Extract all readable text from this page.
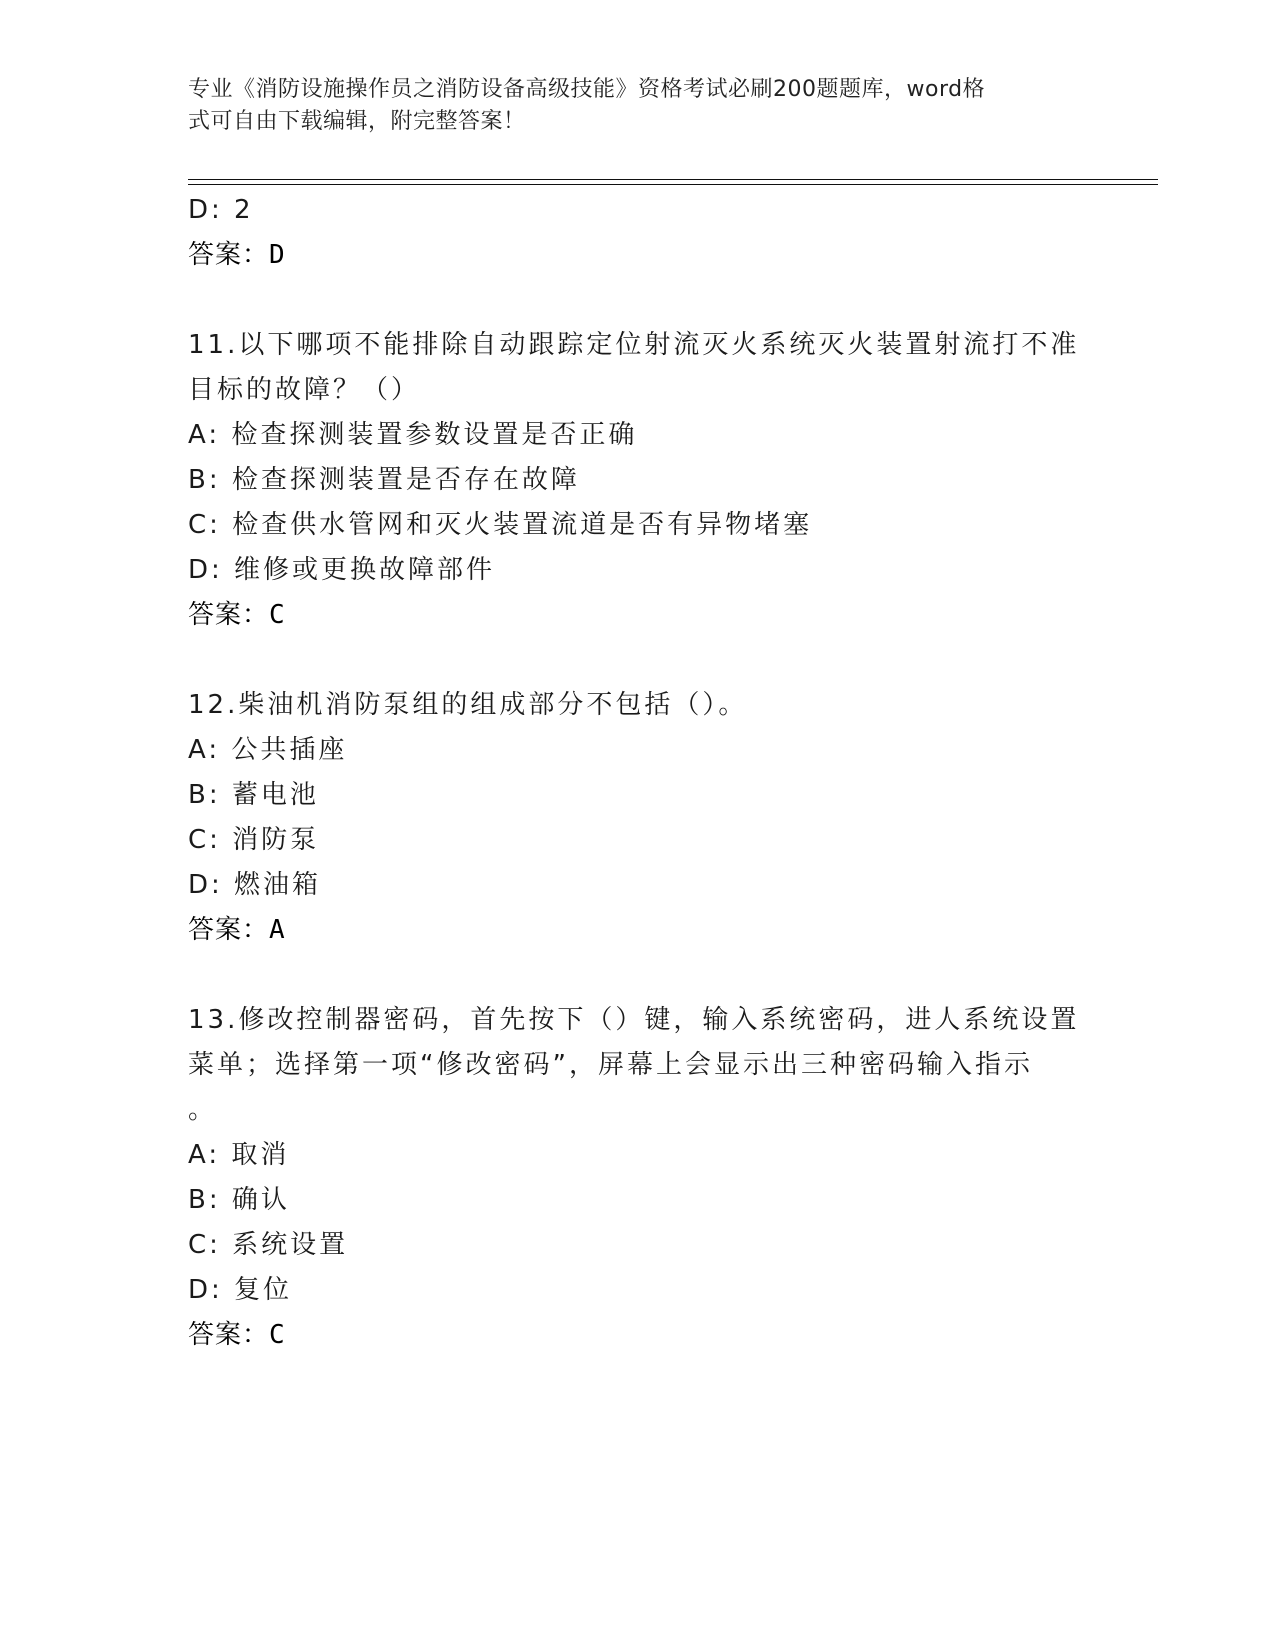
专业《消防设施操作员之消防设备高级技能》资格考试必刷200题题库，word格
式可自由下载编辑，附完整答案！
D: 2
答案：D
11.以下哪项不能排除自动跟踪定位射流灭火系统灭火装置射流打不准
目标的故障？（）
A: 检查探测装置参数设置是否正确
B: 检查探测装置是否存在故障
C: 检查供水管网和灭火装置流道是否有异物堵塞
D: 维修或更换故障部件
答案：C
12.柴油机消防泵组的组成部分不包括（）。
A: 公共插座
B: 蓄电池
C: 消防泵
D: 燃油箱
答案：A
13.修改控制器密码，首先按下（）键，输入系统密码，进人系统设置
菜单；选择第一项“修改密码”，屏幕上会显示出三种密码输入指示
。
A: 取消
B: 确认
C: 系统设置
D: 复位
答案：C
